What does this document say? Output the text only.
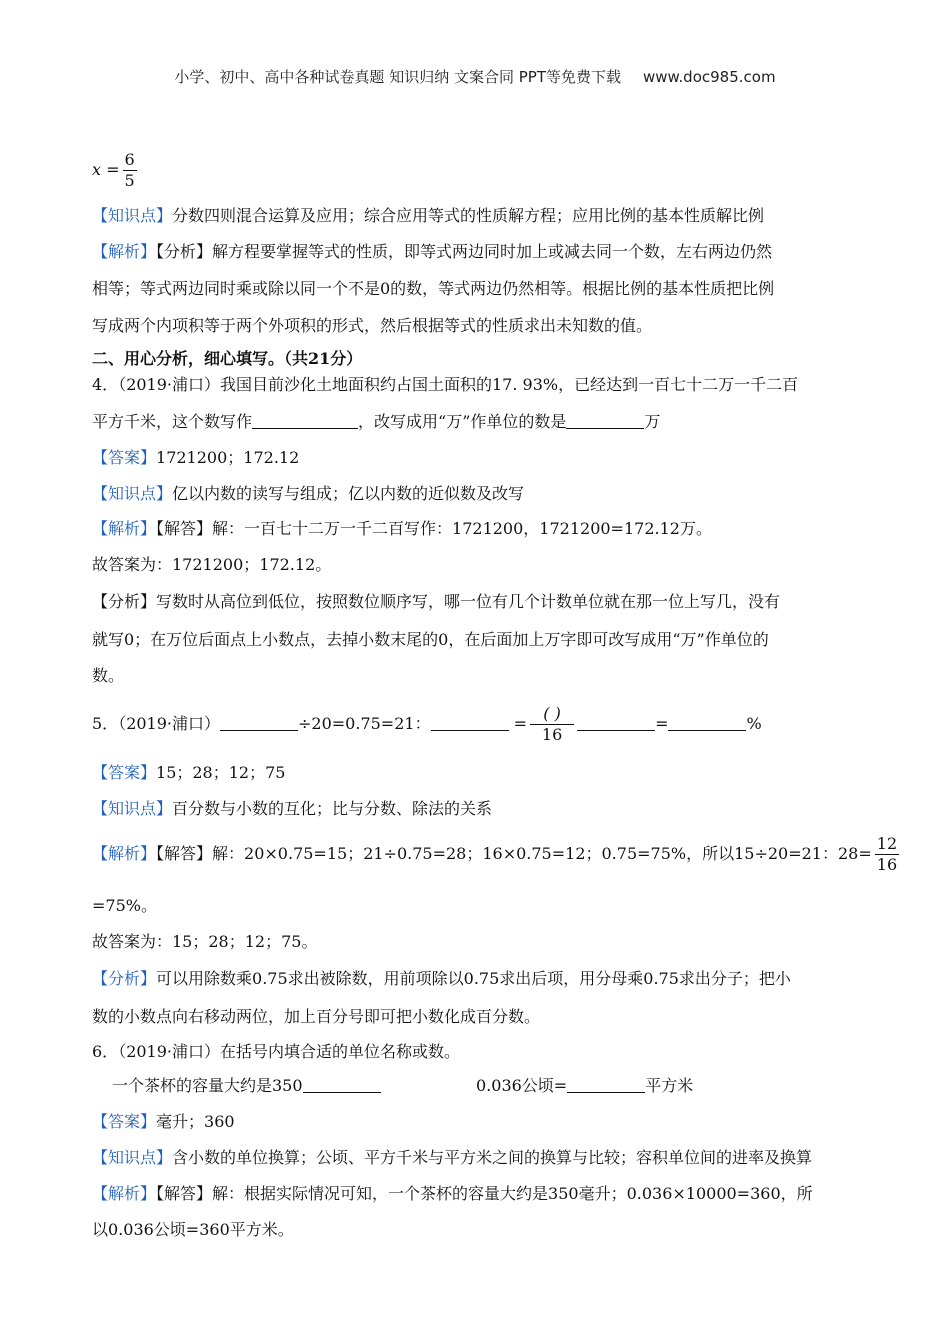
小学、初中、高中各种试卷真题 知识归纳 文案合同 PPT等免费下载 www.doc985.com
$x = \frac{6}{5}$
【知识点】分数四则混合运算及应用；综合应用等式的性质解方程；应用比例的基本性质解比例
【解析】【分析】解方程要掌握等式的性质，即等式两边同时加上或减去同一个数，左右两边仍然
相等；等式两边同时乘或除以同一个不是0的数，等式两边仍然相等。根据比例的基本性质把比例
写成两个内项积等于两个外项积的形式，然后根据等式的性质求出未知数的值。
二、用心分析，细心填写。（共21分）
4．（2019·浦口）我国目前沙化土地面积约占国土面积的17. 93%，已经达到一百七十二万一千二百
平方千米，这个数写作	，改写成用“万”作单位的数是	万
【答案】1721200；172.12
【知识点】亿以内数的读写与组成；亿以内数的近似数及改写
【解析】【解答】解：一百七十二万一千二百写作：1721200，1721200=172.12万。
故答案为：1721200；172.12。
【分析】写数时从高位到低位，按照数位顺序写，哪一位有几个计数单位就在那一位上写几，没有
就写0；在万位后面点上小数点，去掉小数末尾的0，在后面加上万字即可改写成用“万”作单位的
数。
5．（2019·浦口）	÷20=0.75=21：	= $\frac{( )}{16}$	=	%
【答案】15；28；12；75
【知识点】百分数与小数的互化；比与分数、除法的关系
【解析】【解答】解：20×0.75=15；21÷0.75=28；16×0.75=12；0.75=75%，所以15÷20=21：$28= \frac{12}{16}$
=75%。
故答案为：15；28；12；75。
【分析】可以用除数乘0.75求出被除数，用前项除以0.75求出后项，用分母乘0.75求出分子；把小
数的小数点向右移动两位，加上百分号即可把小数化成百分数。
6．（2019·浦口）在括号内填合适的单位名称或数。
一个茶杯的容量大约是350	0.036公顷=	平方米
【答案】毫升；360
【知识点】含小数的单位换算；公顷、平方千米与平方米之间的换算与比较；容积单位间的进率及换算
【解析】【解答】解：根据实际情况可知，一个茶杯的容量大约是350毫升；0.036×10000=360，所
以0.036公顷=360平方米。
